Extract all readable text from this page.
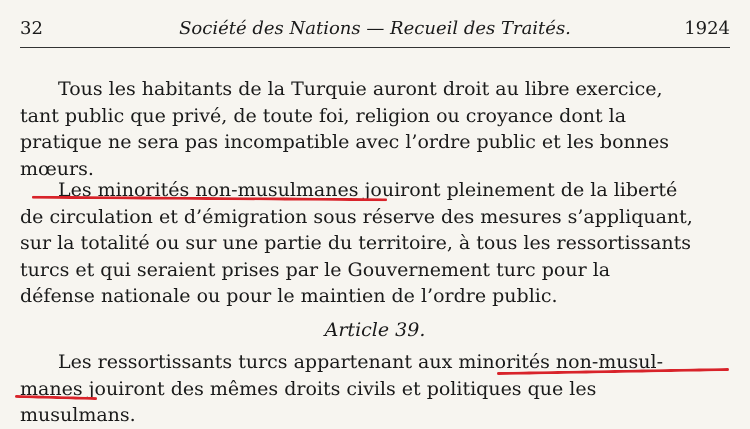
32	Société des Nations — Recueil des Traités.	1924
Tous les habitants de la Turquie auront droit au libre exercice,
tant public que privé, de toute foi, religion ou croyance dont la
pratique ne sera pas incompatible avec l’ordre public et les bonnes
mœurs.
Les minorités non-musulmanes jouiront pleinement de la liberté
de circulation et d’émigration sous réserve des mesures s’appliquant,
sur la totalité ou sur une partie du territoire, à tous les ressortissants
turcs et qui seraient prises par le Gouvernement turc pour la
défense nationale ou pour le maintien de l’ordre public.
Article 39.
Les ressortissants turcs appartenant aux minorités non-musul-
manes jouiront des mêmes droits civils et politiques que les
musulmans.
